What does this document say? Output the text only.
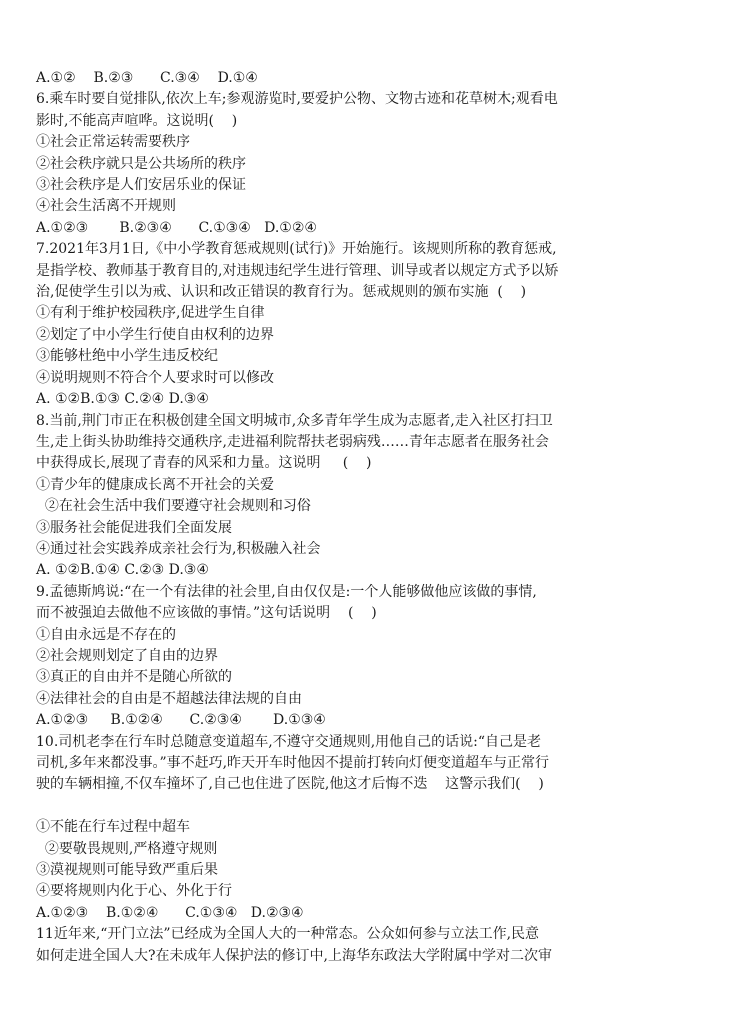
A.①②    B.②③      C.③④    D.①④
6.乘车时要自觉排队,依次上车;参观游览时,要爱护公物、文物古迹和花草树木;观看电
影时,不能高声喧哗。这说明(    )
①社会正常运转需要秩序
②社会秩序就只是公共场所的秩序
③社会秩序是人们安居乐业的保证
④社会生活离不开规则
A.①②③       B.②③④      C.①③④   D.①②④
7.2021年3月1日,《中小学教育惩戒规则(试行)》开始施行。该规则所称的教育惩戒,
是指学校、教师基于教育目的,对违规违纪学生进行管理、训导或者以规定方式予以矫
治,促使学生引以为戒、认识和改正错误的教育行为。惩戒规则的颁布实施  (    )
①有利于维护校园秩序,促进学生自律
②划定了中小学生行使自由权利的边界
③能够杜绝中小学生违反校纪
④说明规则不符合个人要求时可以修改
A. ①②B.①③ C.②④ D.③④
8.当前,荆门市正在积极创建全国文明城市,众多青年学生成为志愿者,走入社区打扫卫
生,走上街头协助维持交通秩序,走进福利院帮扶老弱病残……青年志愿者在服务社会
中获得成长,展现了青春的风采和力量。这说明     (    )
①青少年的健康成长离不开社会的关爱
②在社会生活中我们要遵守社会规则和习俗
③服务社会能促进我们全面发展
④通过社会实践养成亲社会行为,积极融入社会
A. ①②B.①④ C.②③ D.③④
9.孟德斯鸠说:“在一个有法律的社会里,自由仅仅是:一个人能够做他应该做的事情,
而不被强迫去做他不应该做的事情。”这句话说明    (    )
①自由永远是不存在的
②社会规则划定了自由的边界
③真正的自由并不是随心所欲的
④法律社会的自由是不超越法律法规的自由
A.①②③     B.①②④      C.②③④       D.①③④
10.司机老李在行车时总随意变道超车,不遵守交通规则,用他自己的话说:“自己是老
司机,多年来都没事。”事不赶巧,昨天开车时他因不提前打转向灯便变道超车与正常行
驶的车辆相撞,不仅车撞坏了,自己也住进了医院,他这才后悔不迭    这警示我们(    )
①不能在行车过程中超车
②要敬畏规则,严格遵守规则
③漠视规则可能导致严重后果
④要将规则内化于心、外化于行
A.①②③    B.①②④      C.①③④   D.②③④
11近年来,“开门立法”已经成为全国人大的一种常态。公众如何参与立法工作,民意
如何走进全国人大?在未成年人保护法的修订中,上海华东政法大学附属中学对二次审
